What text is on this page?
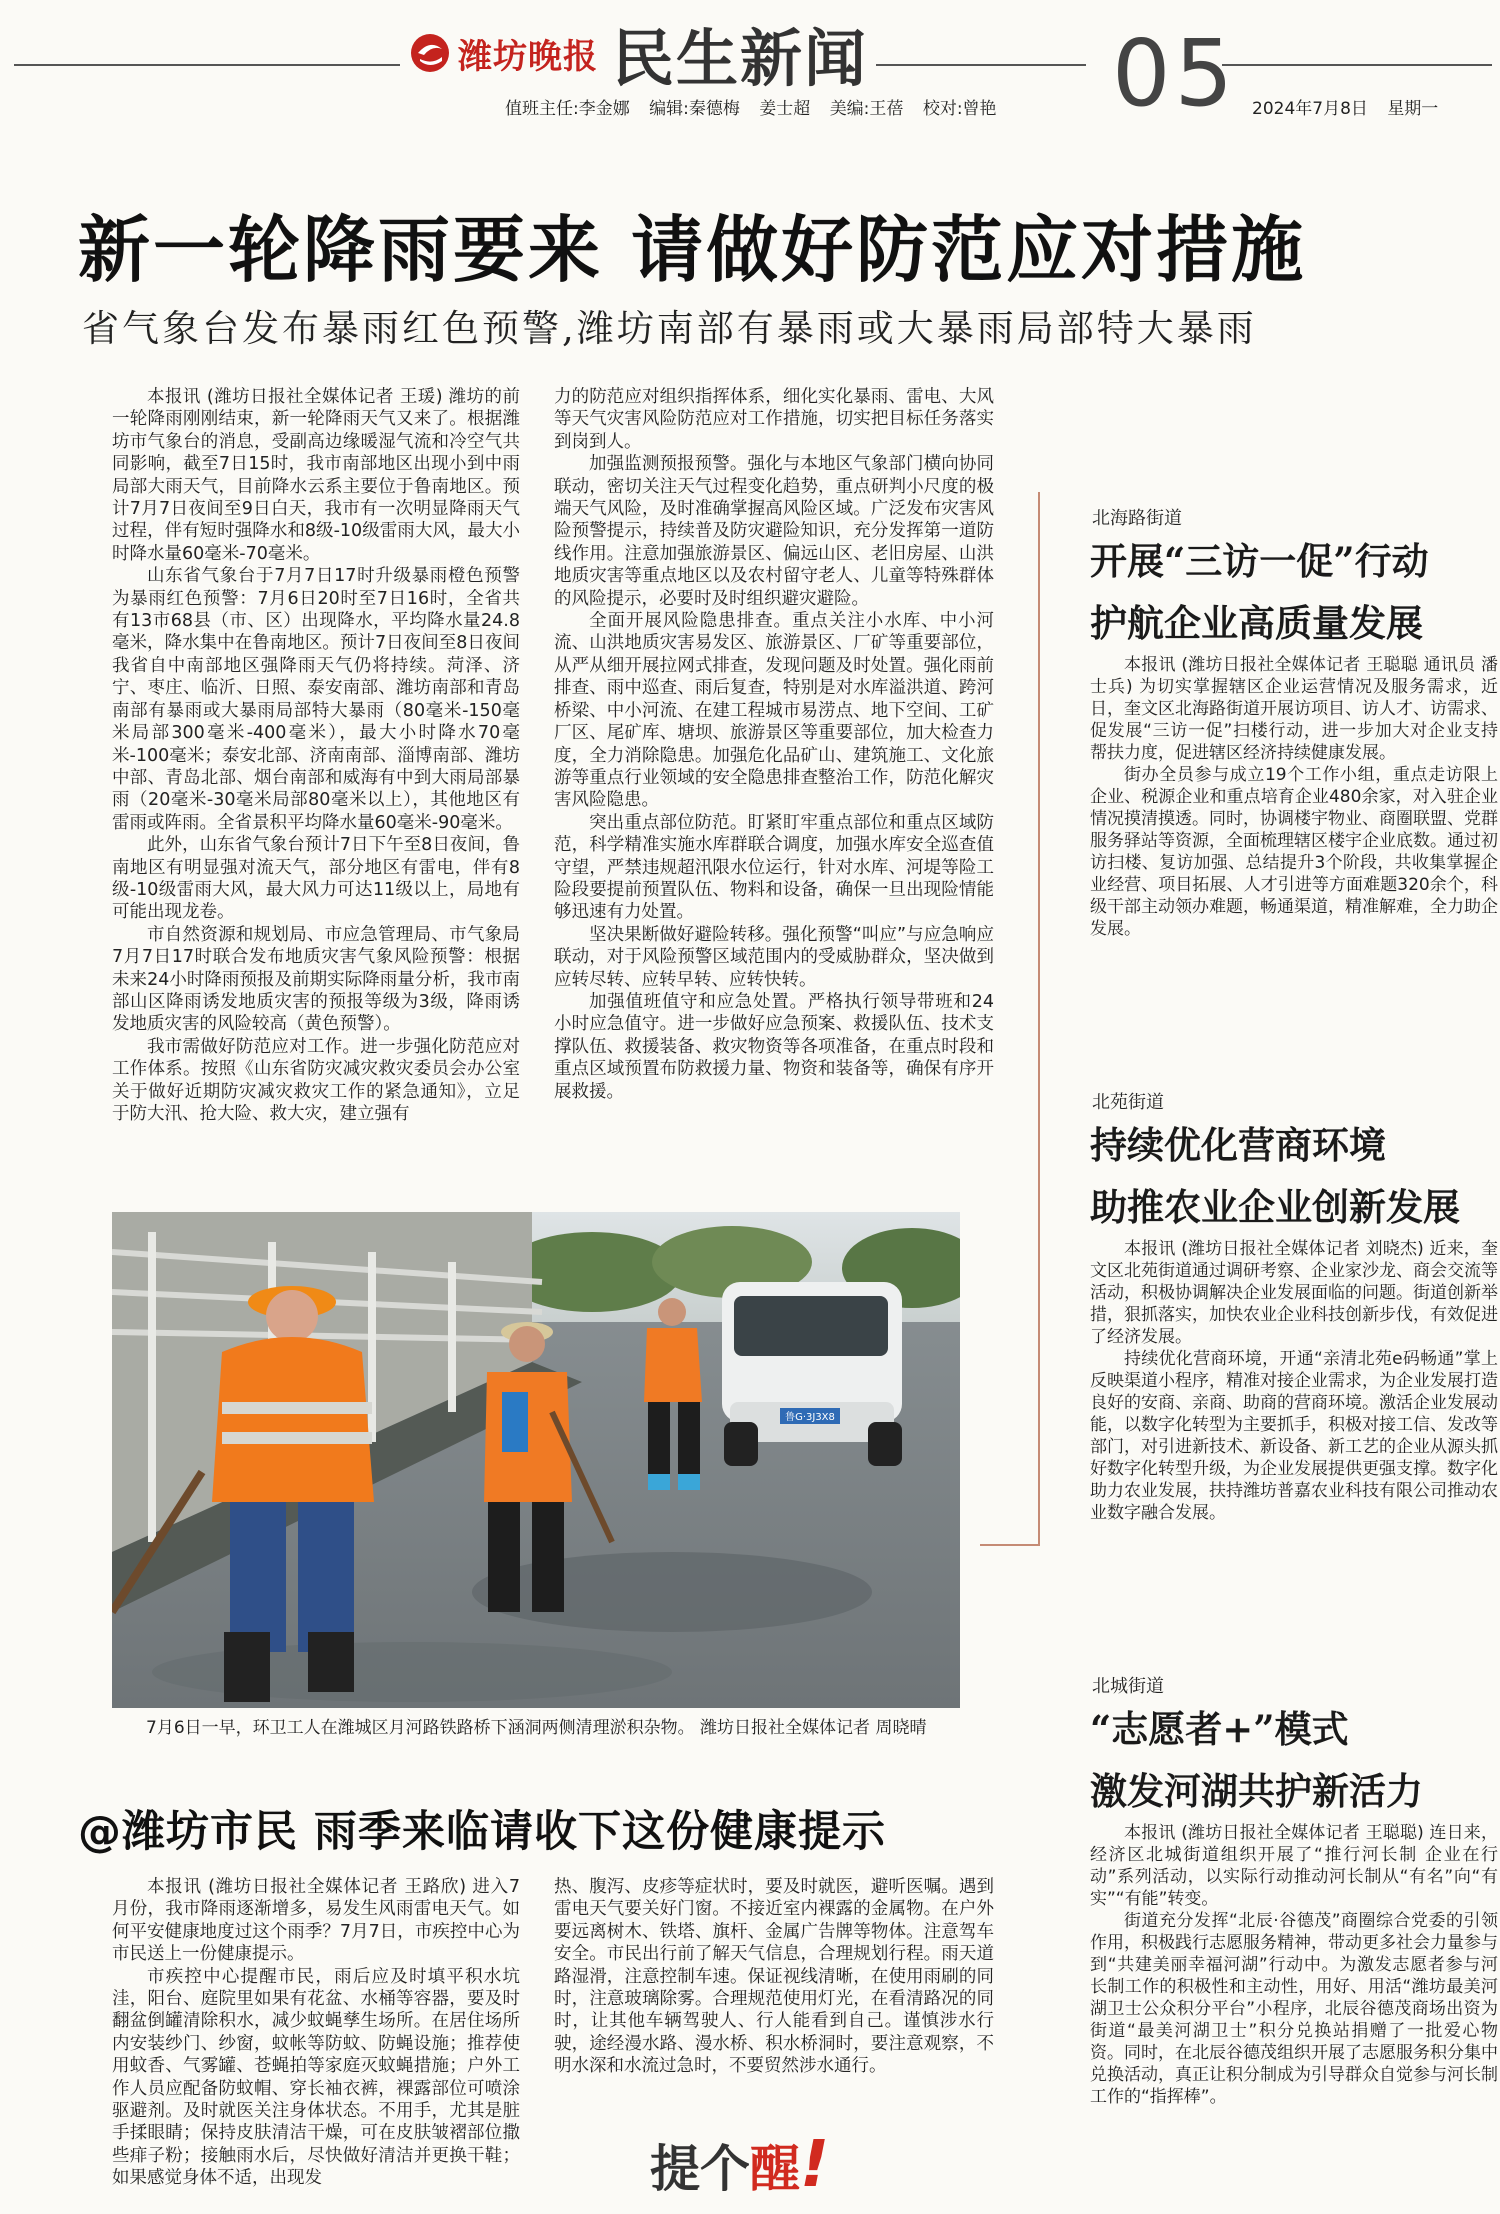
潍坊晚报 民生新闻
值班主任:李金娜 编辑:秦德梅 姜士超 美编:王蓓 校对:曾艳 05 2024年7月8日 星期一
新一轮降雨要来 请做好防范应对措施
省气象台发布暴雨红色预警,潍坊南部有暴雨或大暴雨局部特大暴雨

本报讯 (潍坊日报社全媒体记者 王瑗) 潍坊的前一轮降雨刚刚结束，新一轮降雨天气又来了。根据潍坊市气象台的消息，受副高边缘暖湿气流和冷空气共同影响，截至7日15时，我市南部地区出现小到中雨局部大雨天气，目前降水云系主要位于鲁南地区。预计7月7日夜间至9日白天，我市有一次明显降雨天气过程，伴有短时强降水和8级-10级雷雨大风，最大小时降水量60毫米-70毫米。

山东省气象台于7月7日17时升级暴雨橙色预警为暴雨红色预警：7月6日20时至7日16时，全省共有13市68县（市、区）出现降水，平均降水量24.8毫米，降水集中在鲁南地区。预计7日夜间至8日夜间我省自中南部地区强降雨天气仍将持续。菏泽、济宁、枣庄、临沂、日照、泰安南部、潍坊南部和青岛南部有暴雨或大暴雨局部特大暴雨（80毫米-150毫米局部300毫米-400毫米），最大小时降水70毫米-100毫米；泰安北部、济南南部、淄博南部、潍坊中部、青岛北部、烟台南部和威海有中到大雨局部暴雨（20毫米-30毫米局部80毫米以上），其他地区有雷雨或阵雨。全省景积平均降水量60毫米-90毫米。

此外，山东省气象台预计7日下午至8日夜间，鲁南地区有明显强对流天气，部分地区有雷电，伴有8级-10级雷雨大风，最大风力可达11级以上，局地有可能出现龙卷。

市自然资源和规划局、市应急管理局、市气象局7月7日17时联合发布地质灾害气象风险预警：根据未来24小时降雨预报及前期实际降雨量分析，我市南部山区降雨诱发地质灾害的预报等级为3级，降雨诱发地质灾害的风险较高（黄色预警）。

我市需做好防范应对工作。进一步强化防范应对工作体系。按照《山东省防灾减灾救灾委员会办公室关于做好近期防灾减灾救灾工作的紧急通知》，立足于防大汛、抢大险、救大灾，建立强有

力的防范应对组织指挥体系，细化实化暴雨、雷电、大风等天气灾害风险防范应对工作措施，切实把目标任务落实到岗到人。

加强监测预报预警。强化与本地区气象部门横向协同联动，密切关注天气过程变化趋势，重点研判小尺度的极端天气风险，及时准确掌握高风险区域。广泛发布灾害风险预警提示，持续普及防灾避险知识，充分发挥第一道防线作用。注意加强旅游景区、偏远山区、老旧房屋、山洪地质灾害等重点地区以及农村留守老人、儿童等特殊群体的风险提示，必要时及时组织避灾避险。

全面开展风险隐患排查。重点关注小水库、中小河流、山洪地质灾害易发区、旅游景区、厂矿等重要部位，从严从细开展拉网式排查，发现问题及时处置。强化雨前排查、雨中巡查、雨后复查，特别是对水库溢洪道、跨河桥梁、中小河流、在建工程城市易涝点、地下空间、工矿厂区、尾矿库、塘坝、旅游景区等重要部位，加大检查力度，全力消除隐患。加强危化品矿山、建筑施工、文化旅游等重点行业领域的安全隐患排查整治工作，防范化解灾害风险隐患。

突出重点部位防范。盯紧盯牢重点部位和重点区域防范，科学精准实施水库群联合调度，加强水库安全巡查值守望，严禁违规超汛限水位运行，针对水库、河堤等险工险段要提前预置队伍、物料和设备，确保一旦出现险情能够迅速有力处置。

坚决果断做好避险转移。强化预警“叫应”与应急响应联动，对于风险预警区域范围内的受威胁群众，坚决做到应转尽转、应转早转、应转快转。

加强值班值守和应急处置。严格执行领导带班和24小时应急值守。进一步做好应急预案、救援队伍、技术支撑队伍、救援装备、救灾物资等各项准备，在重点时段和重点区域预置布防救援力量、物资和装备等，确保有序开展救援。

鲁G·3J3X8
7月6日一早，环卫工人在潍城区月河路铁路桥下涵洞两侧清理淤积杂物。 潍坊日报社全媒体记者 周晓晴
北海路街道
开展“三访一促”行动
护航企业高质量发展

本报讯 (潍坊日报社全媒体记者 王聪聪 通讯员 潘士兵) 为切实掌握辖区企业运营情况及服务需求，近日，奎文区北海路街道开展访项目、访人才、访需求、促发展“三访一促”扫楼行动，进一步加大对企业支持帮扶力度，促进辖区经济持续健康发展。

街办全员参与成立19个工作小组，重点走访限上企业、税源企业和重点培育企业480余家，对入驻企业情况摸清摸透。同时，协调楼宇物业、商圈联盟、党群服务驿站等资源，全面梳理辖区楼宇企业底数。通过初访扫楼、复访加强、总结提升3个阶段，共收集掌握企业经营、项目拓展、人才引进等方面难题320余个，科级干部主动领办难题，畅通渠道，精准解难，全力助企发展。

北苑街道
持续优化营商环境
助推农业企业创新发展

本报讯 (潍坊日报社全媒体记者 刘晓杰) 近来，奎文区北苑街道通过调研考察、企业家沙龙、商会交流等活动，积极协调解决企业发展面临的问题。街道创新举措，狠抓落实，加快农业企业科技创新步伐，有效促进了经济发展。

持续优化营商环境，开通“亲清北苑e码畅通”掌上反映渠道小程序，精准对接企业需求，为企业发展打造良好的安商、亲商、助商的营商环境。激活企业发展动能，以数字化转型为主要抓手，积极对接工信、发改等部门，对引进新技术、新设备、新工艺的企业从源头抓好数字化转型升级，为企业发展提供更强支撑。数字化助力农业发展，扶持潍坊普嘉农业科技有限公司推动农业数字融合发展。

北城街道
“志愿者+”模式
激发河湖共护新活力

本报讯 (潍坊日报社全媒体记者 王聪聪) 连日来，经济区北城街道组织开展了“推行河长制 企业在行动”系列活动，以实际行动推动河长制从“有名”向“有实”“有能”转变。

街道充分发挥“北辰·谷德茂”商圈综合党委的引领作用，积极践行志愿服务精神，带动更多社会力量参与到“共建美丽幸福河湖”行动中。为激发志愿者参与河长制工作的积极性和主动性，用好、用活“潍坊最美河湖卫士公众积分平台”小程序，北辰谷德茂商场出资为街道“最美河湖卫士”积分兑换站捐赠了一批爱心物资。同时，在北辰谷德茂组织开展了志愿服务积分集中兑换活动，真正让积分制成为引导群众自觉参与河长制工作的“指挥棒”。

@潍坊市民 雨季来临请收下这份健康提示

本报讯 (潍坊日报社全媒体记者 王路欣) 进入7月份，我市降雨逐渐增多，易发生风雨雷电天气。如何平安健康地度过这个雨季？7月7日，市疾控中心为市民送上一份健康提示。

市疾控中心提醒市民，雨后应及时填平积水坑洼，阳台、庭院里如果有花盆、水桶等容器，要及时翻盆倒罐清除积水，减少蚊蝇孳生场所。在居住场所内安装纱门、纱窗，蚊帐等防蚊、防蝇设施；推荐使用蚊香、气雾罐、苍蝇拍等家庭灭蚊蝇措施；户外工作人员应配备防蚊帽、穿长袖衣裤，裸露部位可喷涂驱避剂。及时就医关注身体状态。不用手，尤其是脏手揉眼睛；保持皮肤清洁干燥，可在皮肤皱褶部位撒些痱子粉；接触雨水后，尽快做好清洁并更换干鞋；如果感觉身体不适，出现发

热、腹泻、皮疹等症状时，要及时就医，避听医嘱。遇到雷电天气要关好门窗。不接近室内裸露的金属物。在户外要远离树木、铁塔、旗杆、金属广告牌等物体。注意驾车安全。市民出行前了解天气信息，合理规划行程。雨天道路湿滑，注意控制车速。保证视线清晰，在使用雨刷的同时，注意玻璃除雾。合理规范使用灯光，在看清路况的同时，让其他车辆驾驶人、行人能看到自己。谨慎涉水行驶，途经漫水路、漫水桥、积水桥洞时，要注意观察，不明水深和水流过急时，不要贸然涉水通行。

提个 醒 !
